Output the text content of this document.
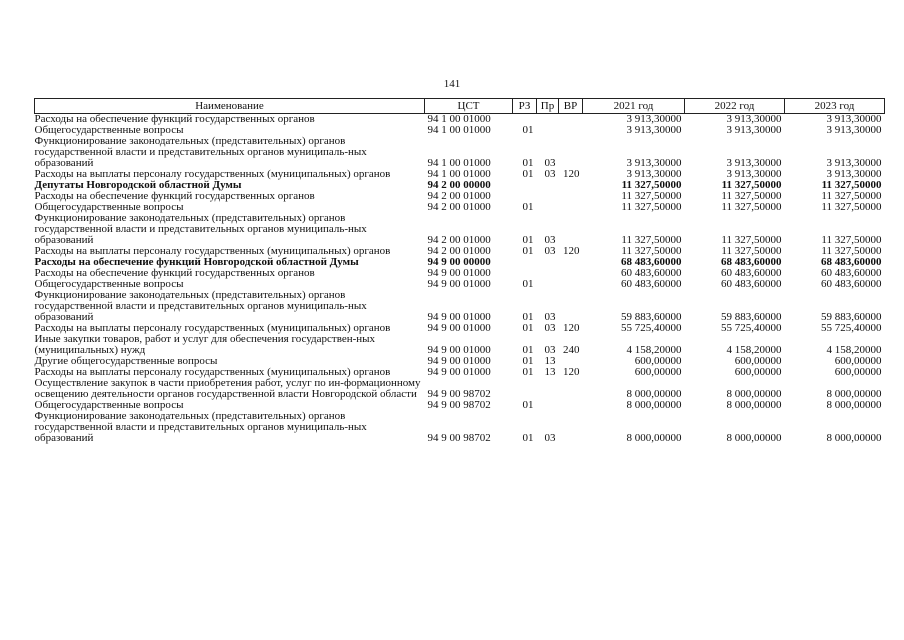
141
Наименование	ЦСТ	РЗ	Пр	ВР	2021 год	2022 год	2023 год
Расходы на обеспечение функций государственных органов	94 1 00 01000				3 913,30000	3 913,30000	3 913,30000
Общегосударственные вопросы	94 1 00 01000	01			3 913,30000	3 913,30000	3 913,30000
Функционирование законодательных (представительных) органов государственной власти и представительных органов муниципаль-ных образований	94 1 00 01000	01	03		3 913,30000	3 913,30000	3 913,30000
Расходы на выплаты персоналу государственных (муниципальных) органов	94 1 00 01000	01	03	120	3 913,30000	3 913,30000	3 913,30000
Депутаты Новгородской областной Думы	94 2 00 00000				11 327,50000	11 327,50000	11 327,50000
Расходы на обеспечение функций государственных органов	94 2 00 01000				11 327,50000	11 327,50000	11 327,50000
Общегосударственные вопросы	94 2 00 01000	01			11 327,50000	11 327,50000	11 327,50000
Функционирование законодательных (представительных) органов государственной власти и представительных органов муниципаль-ных образований	94 2 00 01000	01	03		11 327,50000	11 327,50000	11 327,50000
Расходы на выплаты персоналу государственных (муниципальных) органов	94 2 00 01000	01	03	120	11 327,50000	11 327,50000	11 327,50000
Расходы на обеспечение функций Новгородской областной Думы	94 9 00 00000				68 483,60000	68 483,60000	68 483,60000
Расходы на обеспечение функций государственных органов	94 9 00 01000				60 483,60000	60 483,60000	60 483,60000
Общегосударственные вопросы	94 9 00 01000	01			60 483,60000	60 483,60000	60 483,60000
Функционирование законодательных (представительных) органов государственной власти и представительных органов муниципаль-ных образований	94 9 00 01000	01	03		59 883,60000	59 883,60000	59 883,60000
Расходы на выплаты персоналу государственных (муниципальных) органов	94 9 00 01000	01	03	120	55 725,40000	55 725,40000	55 725,40000
Иные закупки товаров, работ и услуг для обеспечения государствен-ных (муниципальных) нужд	94 9 00 01000	01	03	240	4 158,20000	4 158,20000	4 158,20000
Другие общегосударственные вопросы	94 9 00 01000	01	13		600,00000	600,00000	600,00000
Расходы на выплаты персоналу государственных (муниципальных) органов	94 9 00 01000	01	13	120	600,00000	600,00000	600,00000
Осуществление закупок в части приобретения работ, услуг по ин-формационному освещению деятельности органов государственной власти Новгородской области	94 9 00 98702				8 000,00000	8 000,00000	8 000,00000
Общегосударственные вопросы	94 9 00 98702	01			8 000,00000	8 000,00000	8 000,00000
Функционирование законодательных (представительных) органов государственной власти и представительных органов муниципаль-ных образований	94 9 00 98702	01	03		8 000,00000	8 000,00000	8 000,00000
